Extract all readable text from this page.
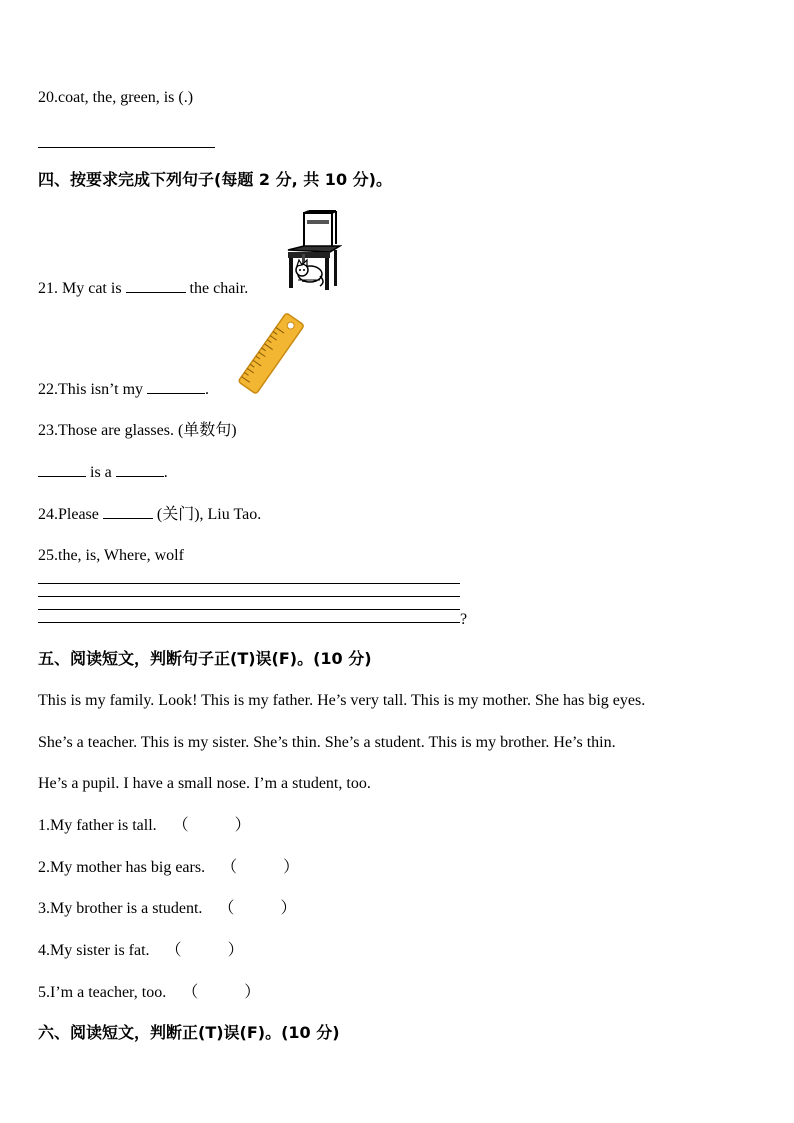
20.coat, the, green, is (.)
四、按要求完成下列句子(每题 2 分, 共 10 分)。
21. My cat is	the chair.
22.This isn’t my	.
23.Those are glasses. (单数句)
is a	.
24.Please	(关门), Liu Tao.
25.the, is, Where, wolf
?
五、阅读短文，判断句子正(T)误(F)。(10 分)
This is my family. Look! This is my father. He’s very tall. This is my mother. She has big eyes.
She’s a teacher. This is my sister. She’s thin. She’s a student. This is my brother. He’s thin.
He’s a pupil. I have a small nose. I’m a student, too.
1.My father is tall. （	）
2.My mother has big ears. （	）
3.My brother is a student. （	）
4.My sister is fat. （	）
5.I’m a teacher, too. （	）
六、阅读短文，判断正(T)误(F)。(10 分)
